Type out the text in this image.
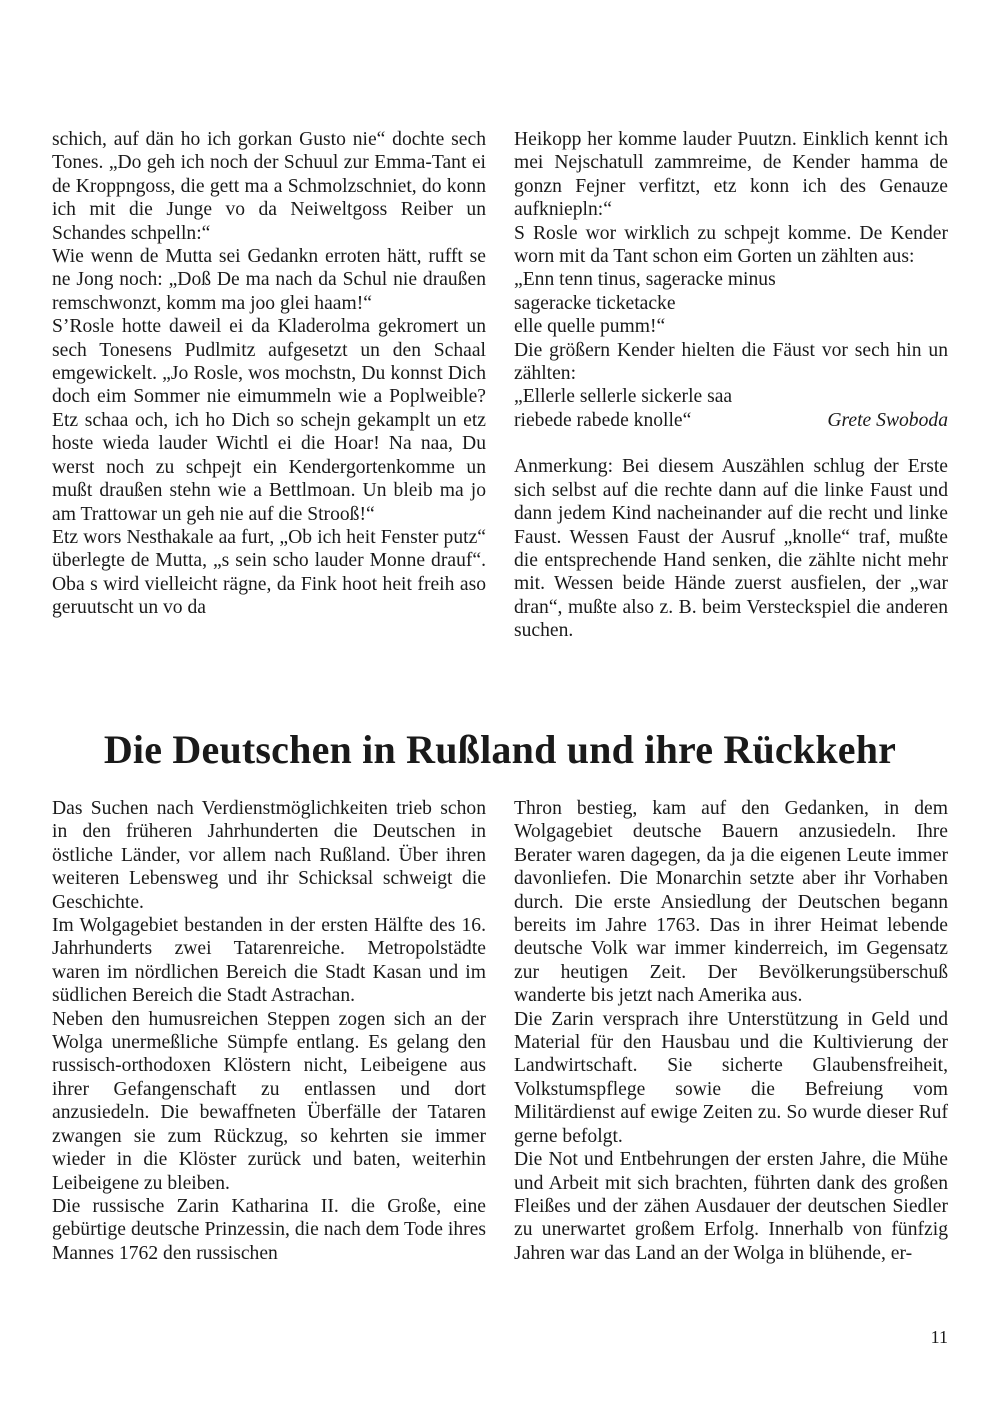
schich, auf dän ho ich gorkan Gusto nie“ dochte sech Tones. „Do geh ich noch der Schuul zur Emma-Tant ei de Kroppngoss, die gett ma a Schmolzschniet, do konn ich mit die Junge vo da Neiweltgoss Reiber un Schandes schpelln:“

Wie wenn de Mutta sei Gedankn erroten hätt, rufft se ne Jong noch: „Doß De ma nach da Schul nie draußen remschwonzt, komm ma joo glei haam!“

S’Rosle hotte daweil ei da Kladerolma gekromert un sech Tonesens Pudlmitz aufgesetzt un den Schaal emgewickelt. „Jo Rosle, wos mochstn, Du konnst Dich doch eim Sommer nie eimummeln wie a Poplweible? Etz schaa och, ich ho Dich so schejn gekamplt un etz hoste wieda lauder Wichtl ei die Hoar! Na naa, Du werst noch zu schpejt ein Kendergortenkomme un mußt draußen stehn wie a Bettlmoan. Un bleib ma jo am Trattowar un geh nie auf die Strooß!“

Etz wors Nesthakale aa furt, „Ob ich heit Fenster putz“ überlegte de Mutta, „s sein scho lauder Monne drauf“. Oba s wird vielleicht rägne, da Fink hoot heit freih aso geruutscht un vo da

Heikopp her komme lauder Puutzn. Einklich kennt ich mei Nejschatull zammreime, de Kender hamma de gonzn Fejner verfitzt, etz konn ich des Genauze aufkniepln:“

S Rosle wor wirklich zu schpejt komme. De Kender worn mit da Tant schon eim Gorten un zählten aus:

„Enn tenn tinus, sageracke minus

sageracke ticketacke

elle quelle pumm!“

Die größern Kender hielten die Fäust vor sech hin un zählten:

„Ellerle sellerle sickerle saa

riebede rabede knolle“	Grete Swoboda

Anmerkung: Bei diesem Auszählen schlug der Erste sich selbst auf die rechte dann auf die linke Faust und dann jedem Kind nacheinander auf die recht und linke Faust. Wessen Faust der Ausruf „knolle“ traf, mußte die entsprechende Hand senken, die zählte nicht mehr mit. Wessen beide Hände zuerst ausfielen, der „war dran“, mußte also z. B. beim Versteckspiel die anderen suchen.

Die Deutschen in Rußland und ihre Rückkehr

Das Suchen nach Verdienstmöglichkeiten trieb schon in den früheren Jahrhunderten die Deutschen in östliche Länder, vor allem nach Rußland. Über ihren weiteren Lebensweg und ihr Schicksal schweigt die Geschichte.

Im Wolgagebiet bestanden in der ersten Hälfte des 16. Jahrhunderts zwei Tatarenreiche. Metropolstädte waren im nördlichen Bereich die Stadt Kasan und im südlichen Bereich die Stadt Astrachan.

Neben den humusreichen Steppen zogen sich an der Wolga unermeßliche Sümpfe entlang. Es gelang den russisch-orthodoxen Klöstern nicht, Leibeigene aus ihrer Gefangenschaft zu entlassen und dort anzusiedeln. Die bewaffneten Überfälle der Tataren zwangen sie zum Rückzug, so kehrten sie immer wieder in die Klöster zurück und baten, weiterhin Leibeigene zu bleiben.

Die russische Zarin Katharina II. die Große, eine gebürtige deutsche Prinzessin, die nach dem Tode ihres Mannes 1762 den russischen

Thron bestieg, kam auf den Gedanken, in dem Wolgagebiet deutsche Bauern anzusiedeln. Ihre Berater waren dagegen, da ja die eigenen Leute immer davonliefen. Die Monarchin setzte aber ihr Vorhaben durch. Die erste Ansiedlung der Deutschen begann bereits im Jahre 1763. Das in ihrer Heimat lebende deutsche Volk war immer kinderreich, im Gegensatz zur heutigen Zeit. Der Bevölkerungsüberschuß wanderte bis jetzt nach Amerika aus.

Die Zarin versprach ihre Unterstützung in Geld und Material für den Hausbau und die Kultivierung der Landwirtschaft. Sie sicherte Glaubensfreiheit, Volkstumspflege sowie die Befreiung vom Militärdienst auf ewige Zeiten zu. So wurde dieser Ruf gerne befolgt.

Die Not und Entbehrungen der ersten Jahre, die Mühe und Arbeit mit sich brachten, führten dank des großen Fleißes und der zähen Ausdauer der deutschen Siedler zu unerwartet großem Erfolg. Innerhalb von fünfzig Jahren war das Land an der Wolga in blühende, er-

11
